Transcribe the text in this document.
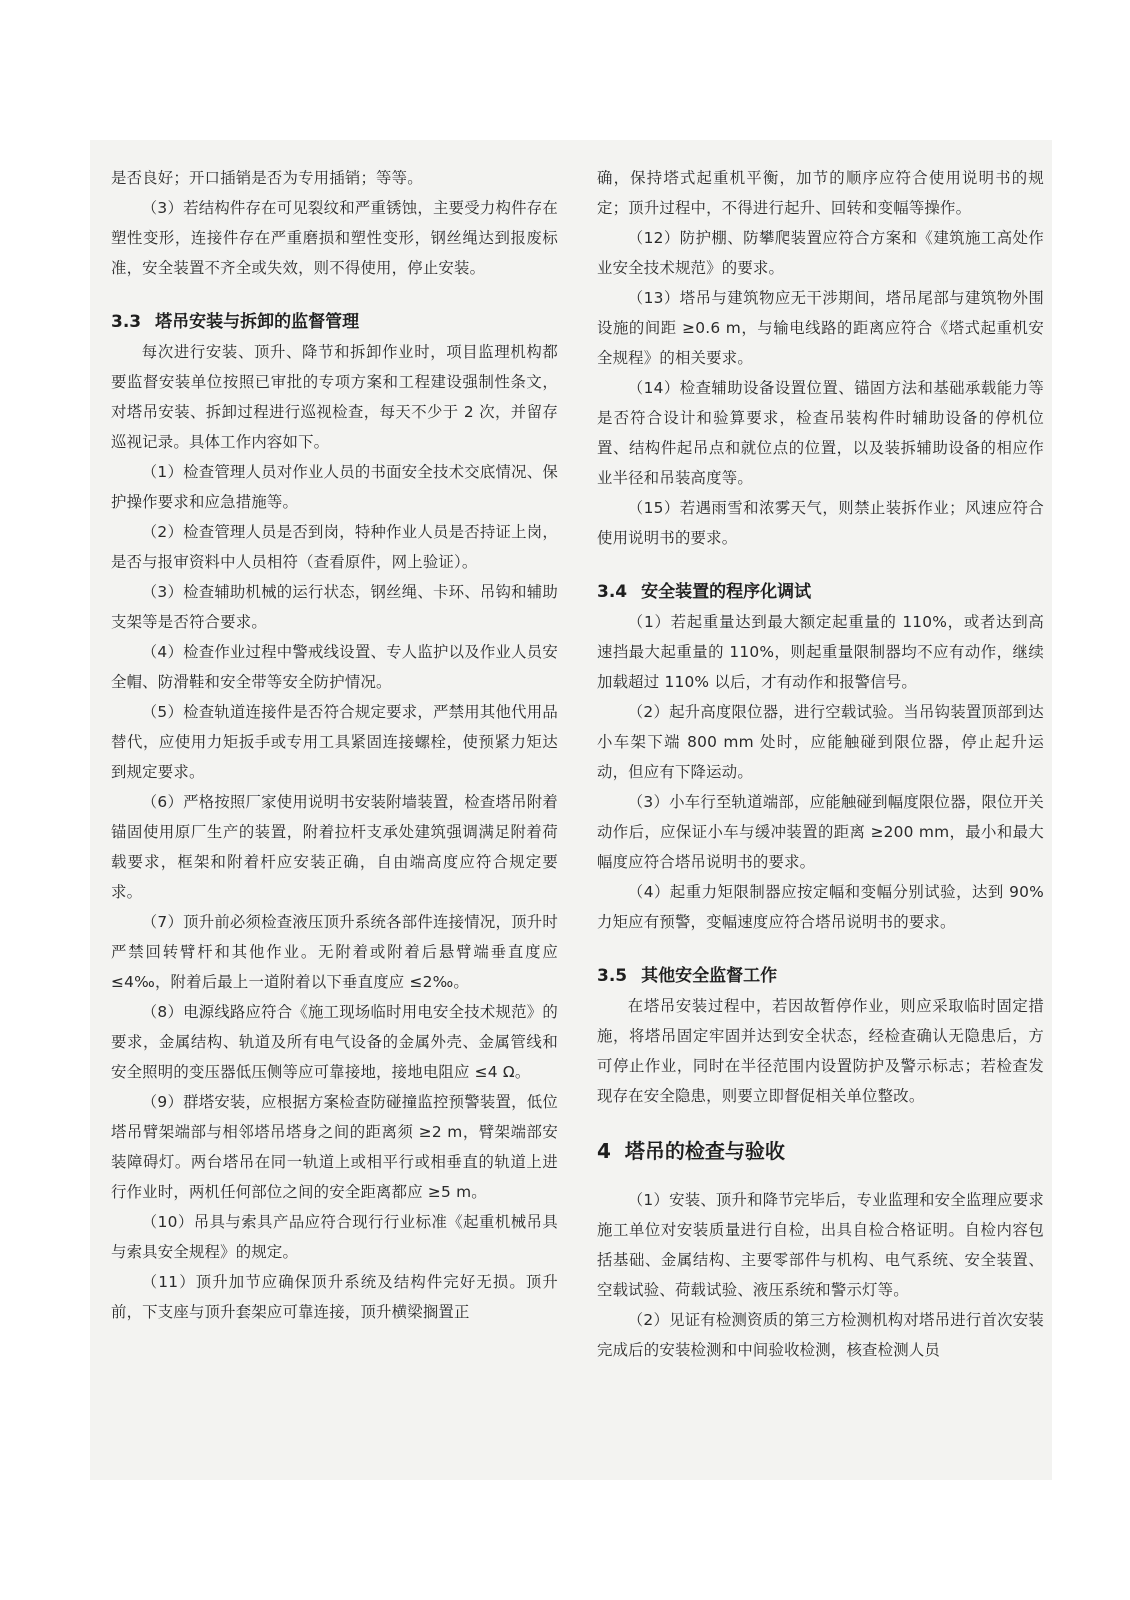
是否良好；开口插销是否为专用插销；等等。

（3）若结构件存在可见裂纹和严重锈蚀，主要受力构件存在塑性变形，连接件存在严重磨损和塑性变形，钢丝绳达到报废标准，安全装置不齐全或失效，则不得使用，停止安装。

3.3 塔吊安装与拆卸的监督管理

每次进行安装、顶升、降节和拆卸作业时，项目监理机构都要监督安装单位按照已审批的专项方案和工程建设强制性条文，对塔吊安装、拆卸过程进行巡视检查，每天不少于 2 次，并留存巡视记录。具体工作内容如下。

（1）检查管理人员对作业人员的书面安全技术交底情况、保护操作要求和应急措施等。

（2）检查管理人员是否到岗，特种作业人员是否持证上岗，是否与报审资料中人员相符（查看原件，网上验证）。

（3）检查辅助机械的运行状态，钢丝绳、卡环、吊钩和辅助支架等是否符合要求。

（4）检查作业过程中警戒线设置、专人监护以及作业人员安全帽、防滑鞋和安全带等安全防护情况。

（5）检查轨道连接件是否符合规定要求，严禁用其他代用品替代，应使用力矩扳手或专用工具紧固连接螺栓，使预紧力矩达到规定要求。

（6）严格按照厂家使用说明书安装附墙装置，检查塔吊附着锚固使用原厂生产的装置，附着拉杆支承处建筑强调满足附着荷载要求，框架和附着杆应安装正确，自由端高度应符合规定要求。

（7）顶升前必须检查液压顶升系统各部件连接情况，顶升时严禁回转臂杆和其他作业。无附着或附着后悬臂端垂直度应 ≤4‰，附着后最上一道附着以下垂直度应 ≤2‰。

（8）电源线路应符合《施工现场临时用电安全技术规范》的要求，金属结构、轨道及所有电气设备的金属外壳、金属管线和安全照明的变压器低压侧等应可靠接地，接地电阻应 ≤4 Ω。

（9）群塔安装，应根据方案检查防碰撞监控预警装置，低位塔吊臂架端部与相邻塔吊塔身之间的距离须 ≥2 m，臂架端部安装障碍灯。两台塔吊在同一轨道上或相平行或相垂直的轨道上进行作业时，两机任何部位之间的安全距离都应 ≥5 m。

（10）吊具与索具产品应符合现行行业标准《起重机械吊具与索具安全规程》的规定。

（11）顶升加节应确保顶升系统及结构件完好无损。顶升前，下支座与顶升套架应可靠连接，顶升横梁搁置正

确，保持塔式起重机平衡，加节的顺序应符合使用说明书的规定；顶升过程中，不得进行起升、回转和变幅等操作。

（12）防护棚、防攀爬装置应符合方案和《建筑施工高处作业安全技术规范》的要求。

（13）塔吊与建筑物应无干涉期间，塔吊尾部与建筑物外围设施的间距 ≥0.6 m，与输电线路的距离应符合《塔式起重机安全规程》的相关要求。

（14）检查辅助设备设置位置、锚固方法和基础承载能力等是否符合设计和验算要求，检查吊装构件时辅助设备的停机位置、结构件起吊点和就位点的位置，以及装拆辅助设备的相应作业半径和吊装高度等。

（15）若遇雨雪和浓雾天气，则禁止装拆作业；风速应符合使用说明书的要求。

3.4 安全装置的程序化调试

（1）若起重量达到最大额定起重量的 110%，或者达到高速挡最大起重量的 110%，则起重量限制器均不应有动作，继续加载超过 110% 以后，才有动作和报警信号。

（2）起升高度限位器，进行空载试验。当吊钩装置顶部到达小车架下端 800 mm 处时，应能触碰到限位器，停止起升运动，但应有下降运动。

（3）小车行至轨道端部，应能触碰到幅度限位器，限位开关动作后，应保证小车与缓冲装置的距离 ≥200 mm，最小和最大幅度应符合塔吊说明书的要求。

（4）起重力矩限制器应按定幅和变幅分别试验，达到 90% 力矩应有预警，变幅速度应符合塔吊说明书的要求。

3.5 其他安全监督工作

在塔吊安装过程中，若因故暂停作业，则应采取临时固定措施，将塔吊固定牢固并达到安全状态，经检查确认无隐患后，方可停止作业，同时在半径范围内设置防护及警示标志；若检查发现存在安全隐患，则要立即督促相关单位整改。

4 塔吊的检查与验收

（1）安装、顶升和降节完毕后，专业监理和安全监理应要求施工单位对安装质量进行自检，出具自检合格证明。自检内容包括基础、金属结构、主要零部件与机构、电气系统、安全装置、空载试验、荷载试验、液压系统和警示灯等。

（2）见证有检测资质的第三方检测机构对塔吊进行首次安装完成后的安装检测和中间验收检测，核查检测人员
